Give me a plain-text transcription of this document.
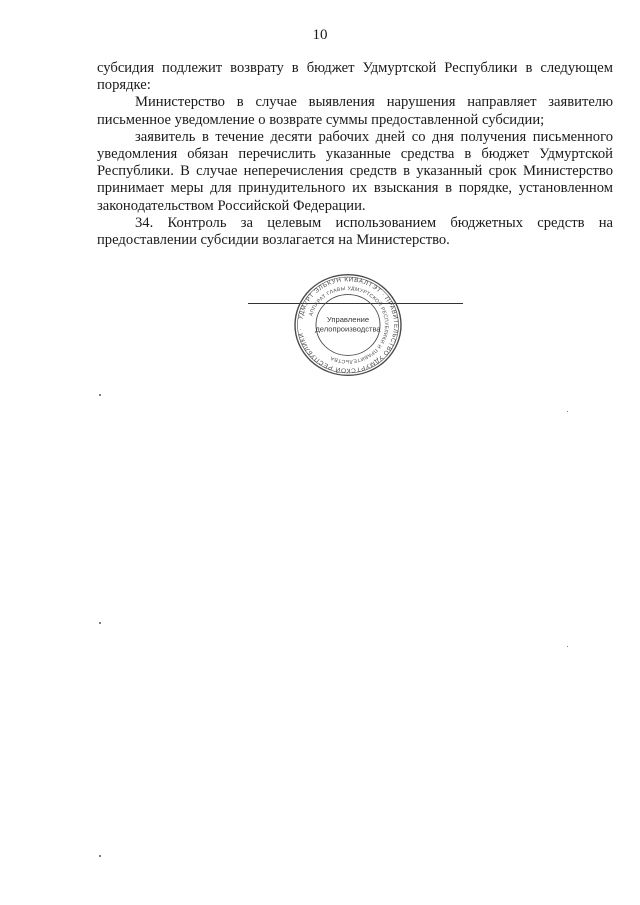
10

субсидия подлежит возврату в бюджет Удмуртской Республики в следующем порядке:

Министерство в случае выявления нарушения направляет заявителю письменное уведомление о возврате суммы предоставленной субсидии;

заявитель в течение десяти рабочих дней со дня получения письменного уведомления обязан перечислить указанные средства в бюджет Удмуртской Республики. В случае неперечисления средств в указанный срок Министерство принимает меры для принудительного их взыскания в порядке, установленном законодательством Российской Федерации.

34. Контроль за целевым использованием бюджетных средств на предоставлении субсидии возлагается на Министерство.

УДМУРТ ЭЛЬКУН КИВАЛТЭТ · ПРАВИТЕЛЬСТВО УДМУРТСКОЙ РЕСПУБЛИКИ ·
АППАРАТ ГЛАВЫ УДМУРТСКОЙ РЕСПУБЛИКИ И ПРАВИТЕЛЬСТВА
Управление
делопроизводства
